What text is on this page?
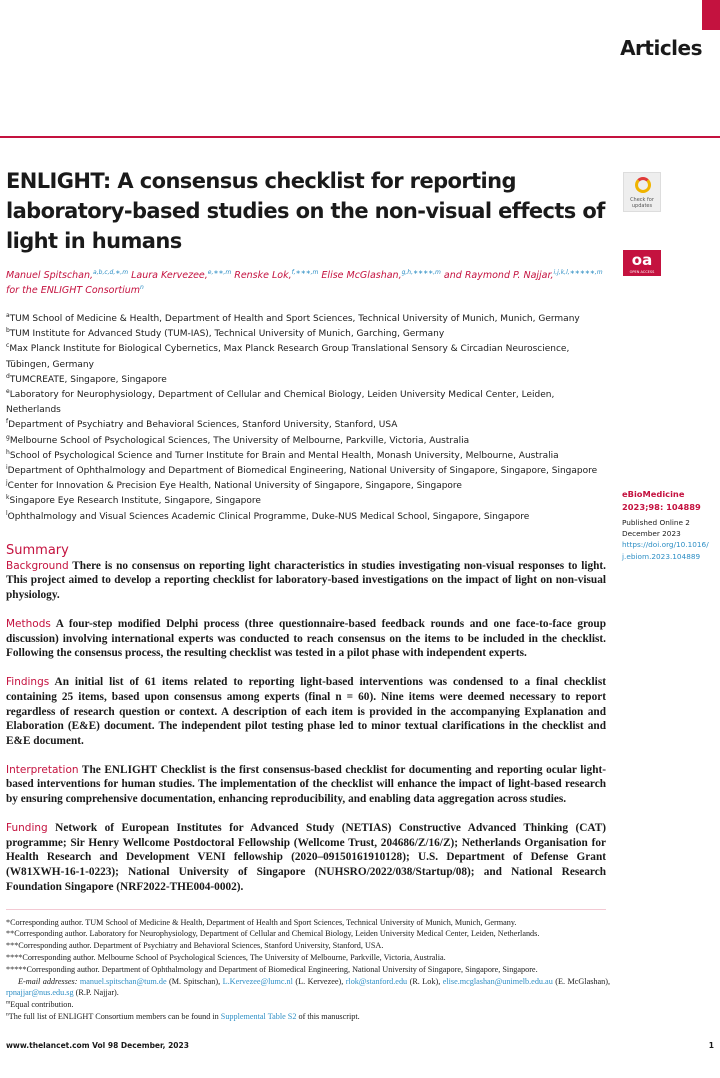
Articles
Check for updates
oa
OPEN ACCESS
eBioMedicine
2023;98: 104889
Published Online 2 December 2023
https://doi.org/10.1016/j.ebiom.2023.104889
ENLIGHT: A consensus checklist for reporting laboratory-based studies on the non-visual effects of light in humans
Manuel Spitschan,$^{a,b,c,d,∗,m}$ Laura Kervezee,$^{e,∗∗,m}$ Renske Lok,$^{f,∗∗∗,m}$ Elise McGlashan,$^{g,h,∗∗∗∗,m}$ and Raymond P. Najjar,$^{i,j,k,l,∗∗∗∗∗,m}$
for the ENLIGHT Consortium$^n$
$^a$TUM School of Medicine & Health, Department of Health and Sport Sciences, Technical University of Munich, Munich, Germany
$^b$TUM Institute for Advanced Study (TUM-IAS), Technical University of Munich, Garching, Germany
$^c$Max Planck Institute for Biological Cybernetics, Max Planck Research Group Translational Sensory & Circadian Neuroscience, Tübingen, Germany
$^d$TUMCREATE, Singapore, Singapore
$^e$Laboratory for Neurophysiology, Department of Cellular and Chemical Biology, Leiden University Medical Center, Leiden, Netherlands
$^f$Department of Psychiatry and Behavioral Sciences, Stanford University, Stanford, USA
$^g$Melbourne School of Psychological Sciences, The University of Melbourne, Parkville, Victoria, Australia
$^h$School of Psychological Science and Turner Institute for Brain and Mental Health, Monash University, Melbourne, Australia
$^i$Department of Ophthalmology and Department of Biomedical Engineering, National University of Singapore, Singapore, Singapore
$^j$Center for Innovation & Precision Eye Health, National University of Singapore, Singapore, Singapore
$^k$Singapore Eye Research Institute, Singapore, Singapore
$^l$Ophthalmology and Visual Sciences Academic Clinical Programme, Duke-NUS Medical School, Singapore, Singapore
Summary

Background There is no consensus on reporting light characteristics in studies investigating non-visual responses to light. This project aimed to develop a reporting checklist for laboratory-based investigations on the impact of light on non-visual physiology.

Methods A four-step modified Delphi process (three questionnaire-based feedback rounds and one face-to-face group discussion) involving international experts was conducted to reach consensus on the items to be included in the checklist. Following the consensus process, the resulting checklist was tested in a pilot phase with independent experts.

Findings An initial list of 61 items related to reporting light-based interventions was condensed to a final checklist containing 25 items, based upon consensus among experts (final n = 60). Nine items were deemed necessary to report regardless of research question or context. A description of each item is provided in the accompanying Explanation and Elaboration (E&E) document. The independent pilot testing phase led to minor textual clarifications in the checklist and E&E document.

Interpretation The ENLIGHT Checklist is the first consensus-based checklist for documenting and reporting ocular light-based interventions for human studies. The implementation of the checklist will enhance the impact of light-based research by ensuring comprehensive documentation, enhancing reproducibility, and enabling data aggregation across studies.

Funding Network of European Institutes for Advanced Study (NETIAS) Constructive Advanced Thinking (CAT) programme; Sir Henry Wellcome Postdoctoral Fellowship (Wellcome Trust, 204686/Z/16/Z); Netherlands Organisation for Health Research and Development VENI fellowship (2020–09150161910128); U.S. Department of Defense Grant (W81XWH-16-1-0223); National University of Singapore (NUHSRO/2022/038/Startup/08); and National Research Foundation Singapore (NRF2022-THE004-0002).

*Corresponding author. TUM School of Medicine & Health, Department of Health and Sport Sciences, Technical University of Munich, Munich, Germany.
**Corresponding author. Laboratory for Neurophysiology, Department of Cellular and Chemical Biology, Leiden University Medical Center, Leiden, Netherlands.
***Corresponding author. Department of Psychiatry and Behavioral Sciences, Stanford University, Stanford, USA.
****Corresponding author. Melbourne School of Psychological Sciences, The University of Melbourne, Parkville, Victoria, Australia.
*****Corresponding author. Department of Ophthalmology and Department of Biomedical Engineering, National University of Singapore, Singapore, Singapore.
E-mail addresses: manuel.spitschan@tum.de (M. Spitschan), L.Kervezee@lumc.nl (L. Kervezee), rlok@stanford.edu (R. Lok), elise.mcglashan@unimelb.edu.au (E. McGlashan), rpnajjar@nus.edu.sg (R.P. Najjar).
$^m$Equal contribution.
$^n$The full list of ENLIGHT Consortium members can be found in Supplemental Table S2 of this manuscript.
www.thelancet.com Vol 98 December, 2023	1
